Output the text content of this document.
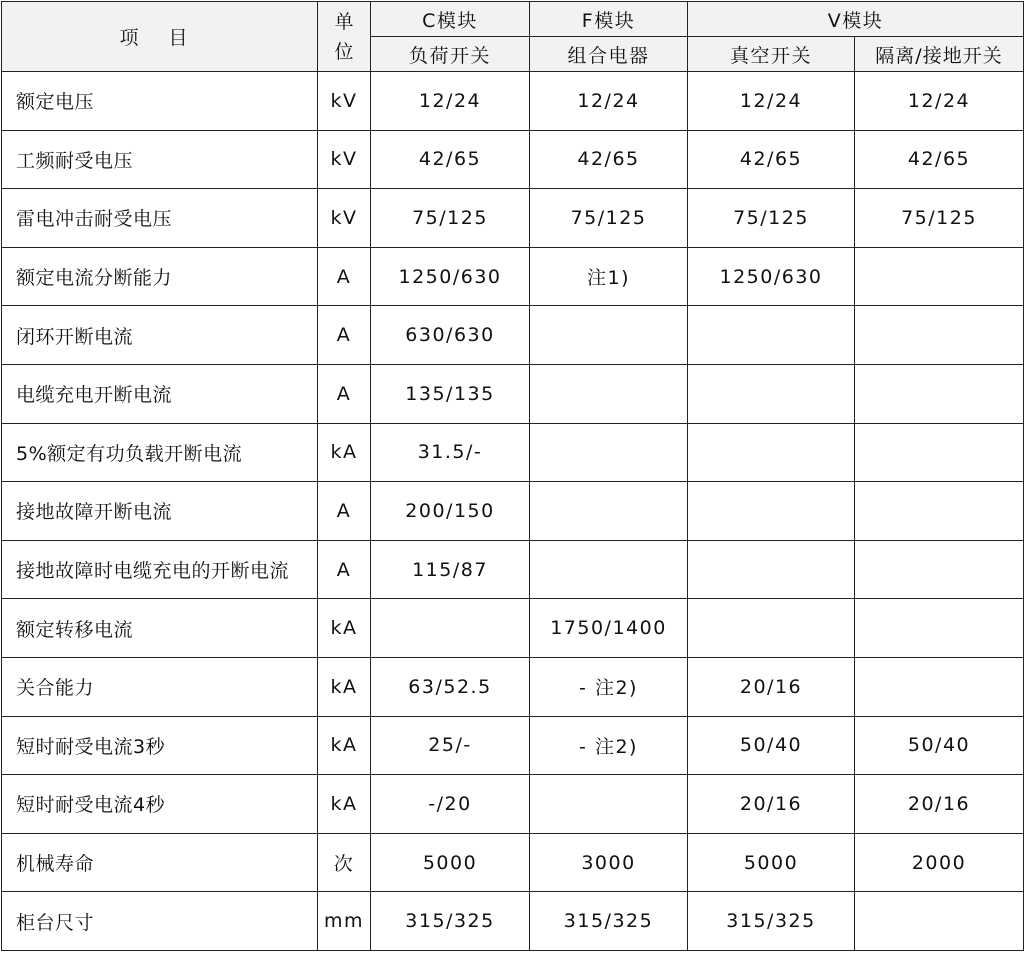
项 目	单位	C模块	F模块	V模块	
		负荷开关	组合电器	真空开关	隔离/接地开关
额定电压	kV	12/24	12/24	12/24	12/24
工频耐受电压	kV	42/65	42/65	42/65	42/65
雷电冲击耐受电压	kV	75/125	75/125	75/125	75/125
额定电流分断能力	A	1250/630	注1)	1250/630	
闭环开断电流	A	630/630			
电缆充电开断电流	A	135/135			
5%额定有功负载开断电流	kA	31.5/-			
接地故障开断电流	A	200/150			
接地故障时电缆充电的开断电流	A	115/87			
额定转移电流	kA		1750/1400		
关合能力	kA	63/52.5	- 注2)	20/16	
短时耐受电流3秒	kA	25/-	- 注2)	50/40	50/40
短时耐受电流4秒	kA	-/20		20/16	20/16
机械寿命	次	5000	3000	5000	2000
柜台尺寸	mm	315/325	315/325	315/325	
